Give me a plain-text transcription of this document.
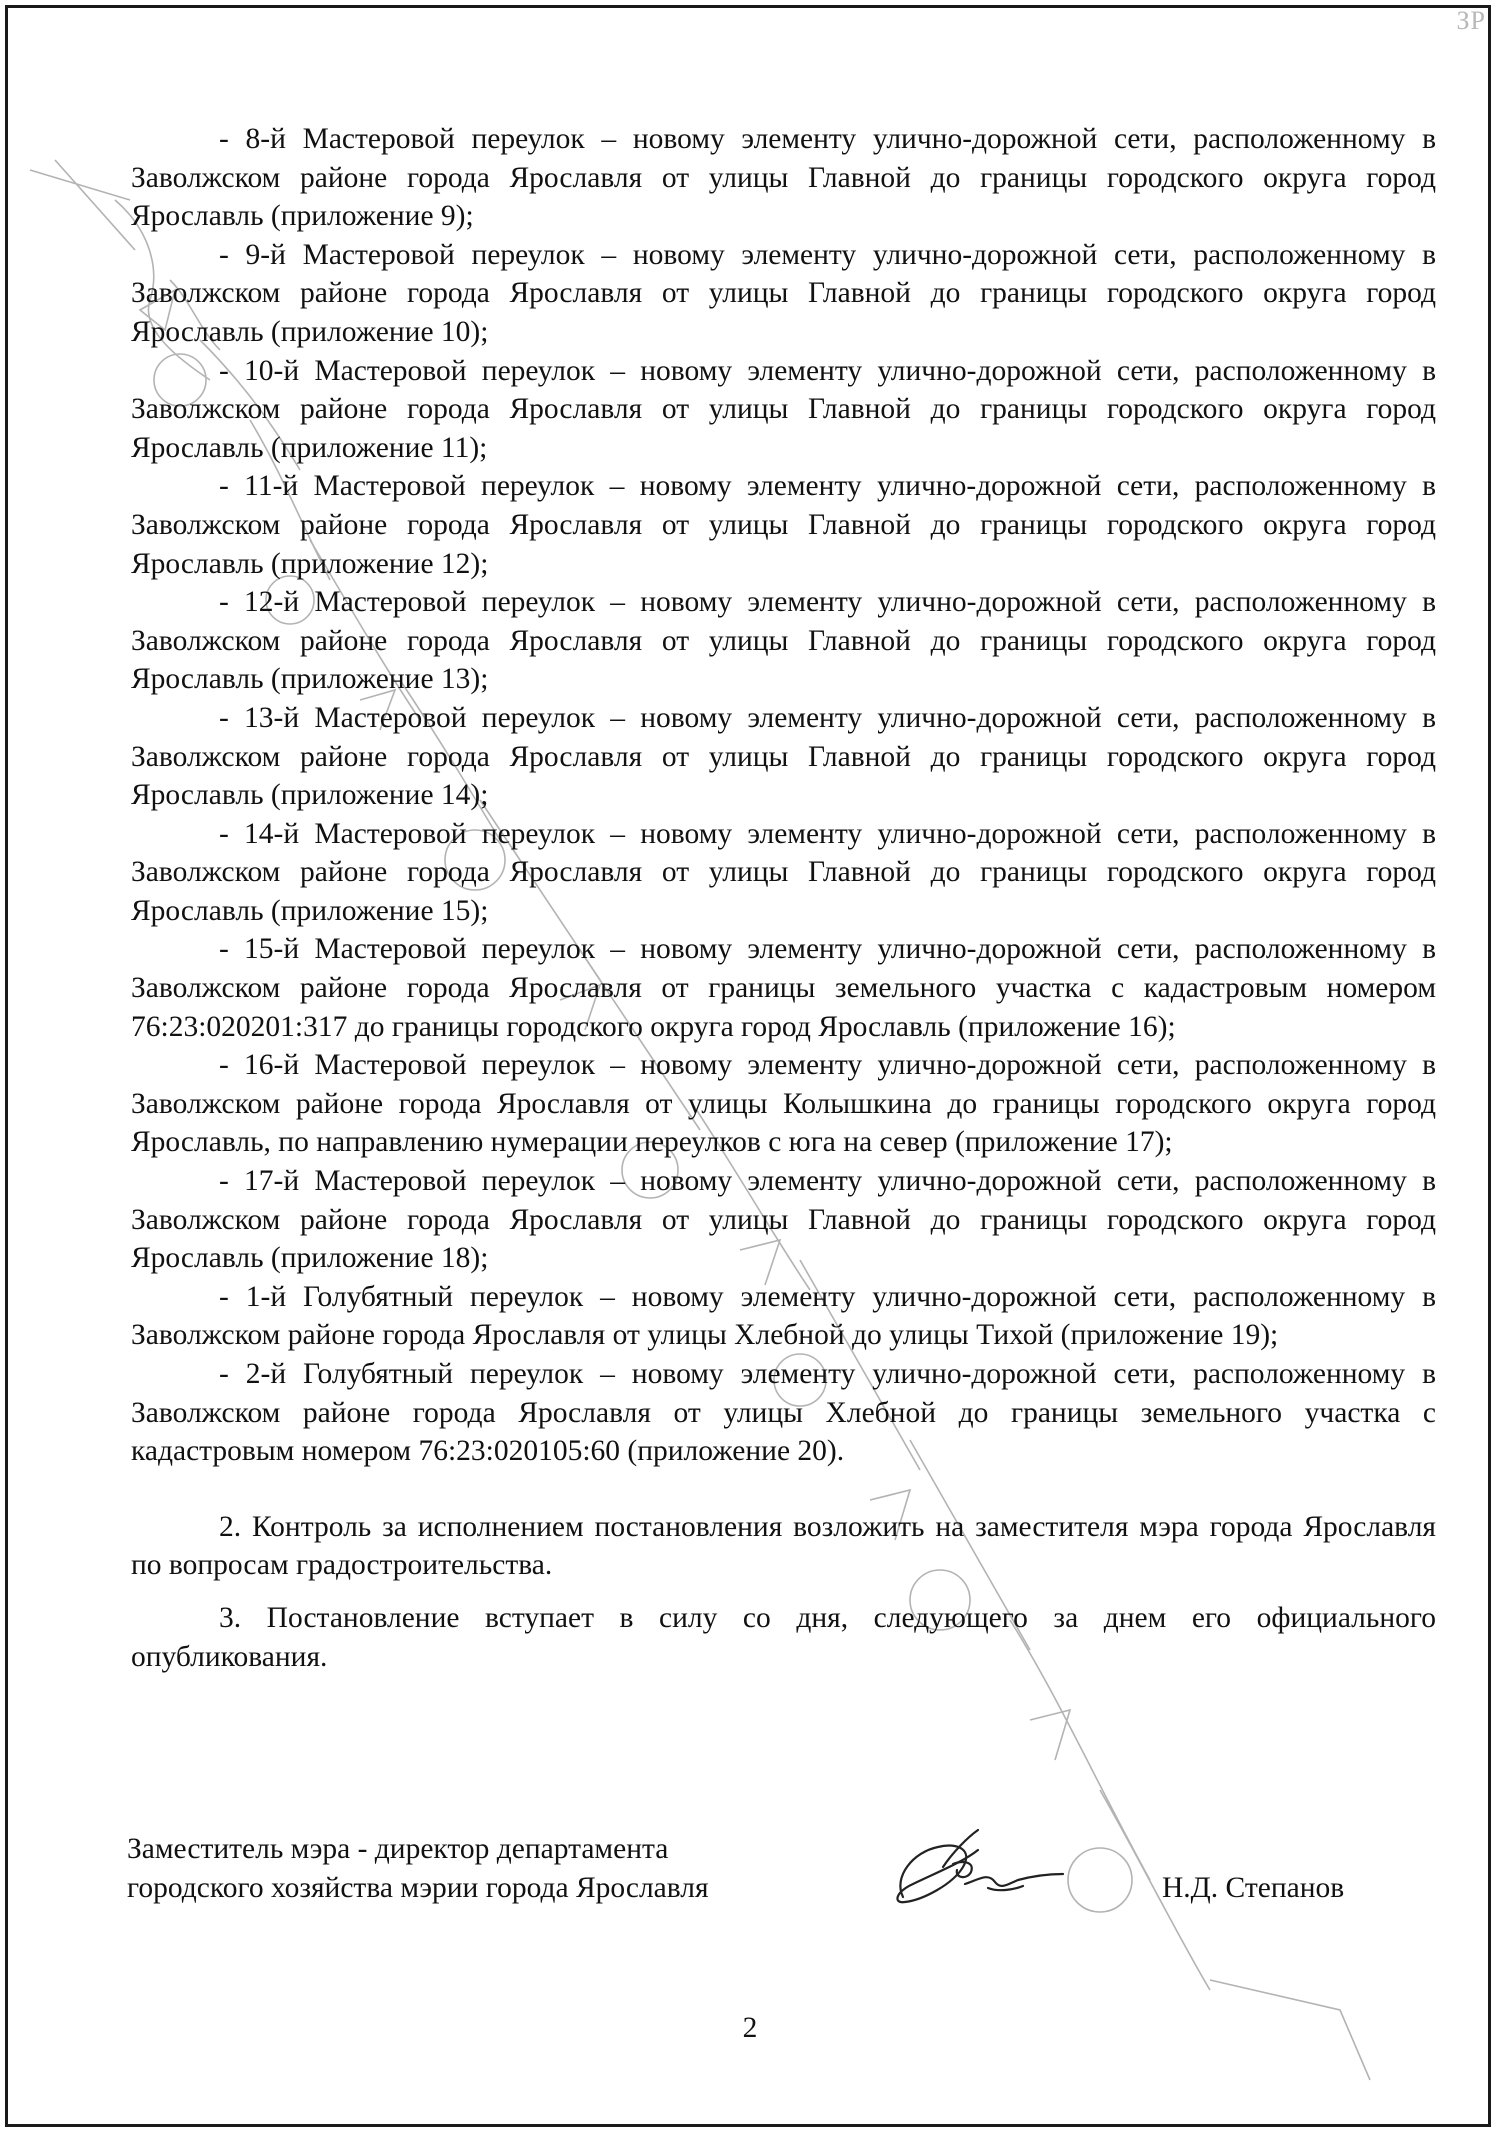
ЗР

- 8-й Мастеровой переулок – новому элементу улично-дорожной сети, расположенному в Заволжском районе города Ярославля от улицы Главной до границы городского округа город Ярославль (приложение 9);

- 9-й Мастеровой переулок – новому элементу улично-дорожной сети, расположенному в Заволжском районе города Ярославля от улицы Главной до границы городского округа город Ярославль (приложение 10);

- 10-й Мастеровой переулок – новому элементу улично-дорожной сети, расположенному в Заволжском районе города Ярославля от улицы Главной до границы городского округа город Ярославль (приложение 11);

- 11-й Мастеровой переулок – новому элементу улично-дорожной сети, расположенному в Заволжском районе города Ярославля от улицы Главной до границы городского округа город Ярославль (приложение 12);

- 12-й Мастеровой переулок – новому элементу улично-дорожной сети, расположенному в Заволжском районе города Ярославля от улицы Главной до границы городского округа город Ярославль (приложение 13);

- 13-й Мастеровой переулок – новому элементу улично-дорожной сети, расположенному в Заволжском районе города Ярославля от улицы Главной до границы городского округа город Ярославль (приложение 14);

- 14-й Мастеровой переулок – новому элементу улично-дорожной сети, расположенному в Заволжском районе города Ярославля от улицы Главной до границы городского округа город Ярославль (приложение 15);

- 15-й Мастеровой переулок – новому элементу улично-дорожной сети, расположенному в Заволжском районе города Ярославля от границы земельного участка с кадастровым номером 76:23:020201:317 до границы городского округа город Ярославль (приложение 16);

- 16-й Мастеровой переулок – новому элементу улично-дорожной сети, расположенному в Заволжском районе города Ярославля от улицы Колышкина до границы городского округа город Ярославль, по направлению нумерации переулков с юга на север (приложение 17);

- 17-й Мастеровой переулок – новому элементу улично-дорожной сети, расположенному в Заволжском районе города Ярославля от улицы Главной до границы городского округа город Ярославль (приложение 18);

- 1-й Голубятный переулок – новому элементу улично-дорожной сети, расположенному в Заволжском районе города Ярославля от улицы Хлебной до улицы Тихой (приложение 19);

- 2-й Голубятный переулок – новому элементу улично-дорожной сети, расположенному в Заволжском районе города Ярославля от улицы Хлебной до границы земельного участка с кадастровым номером 76:23:020105:60 (приложение 20).

2. Контроль за исполнением постановления возложить на заместителя мэра города Ярославля по вопросам градостроительства.

3. Постановление вступает в силу со дня, следующего за днем его официального опубликования.

Заместитель мэра - директор департамента
городского хозяйства мэрии города Ярославля	Н.Д. Степанов
2
